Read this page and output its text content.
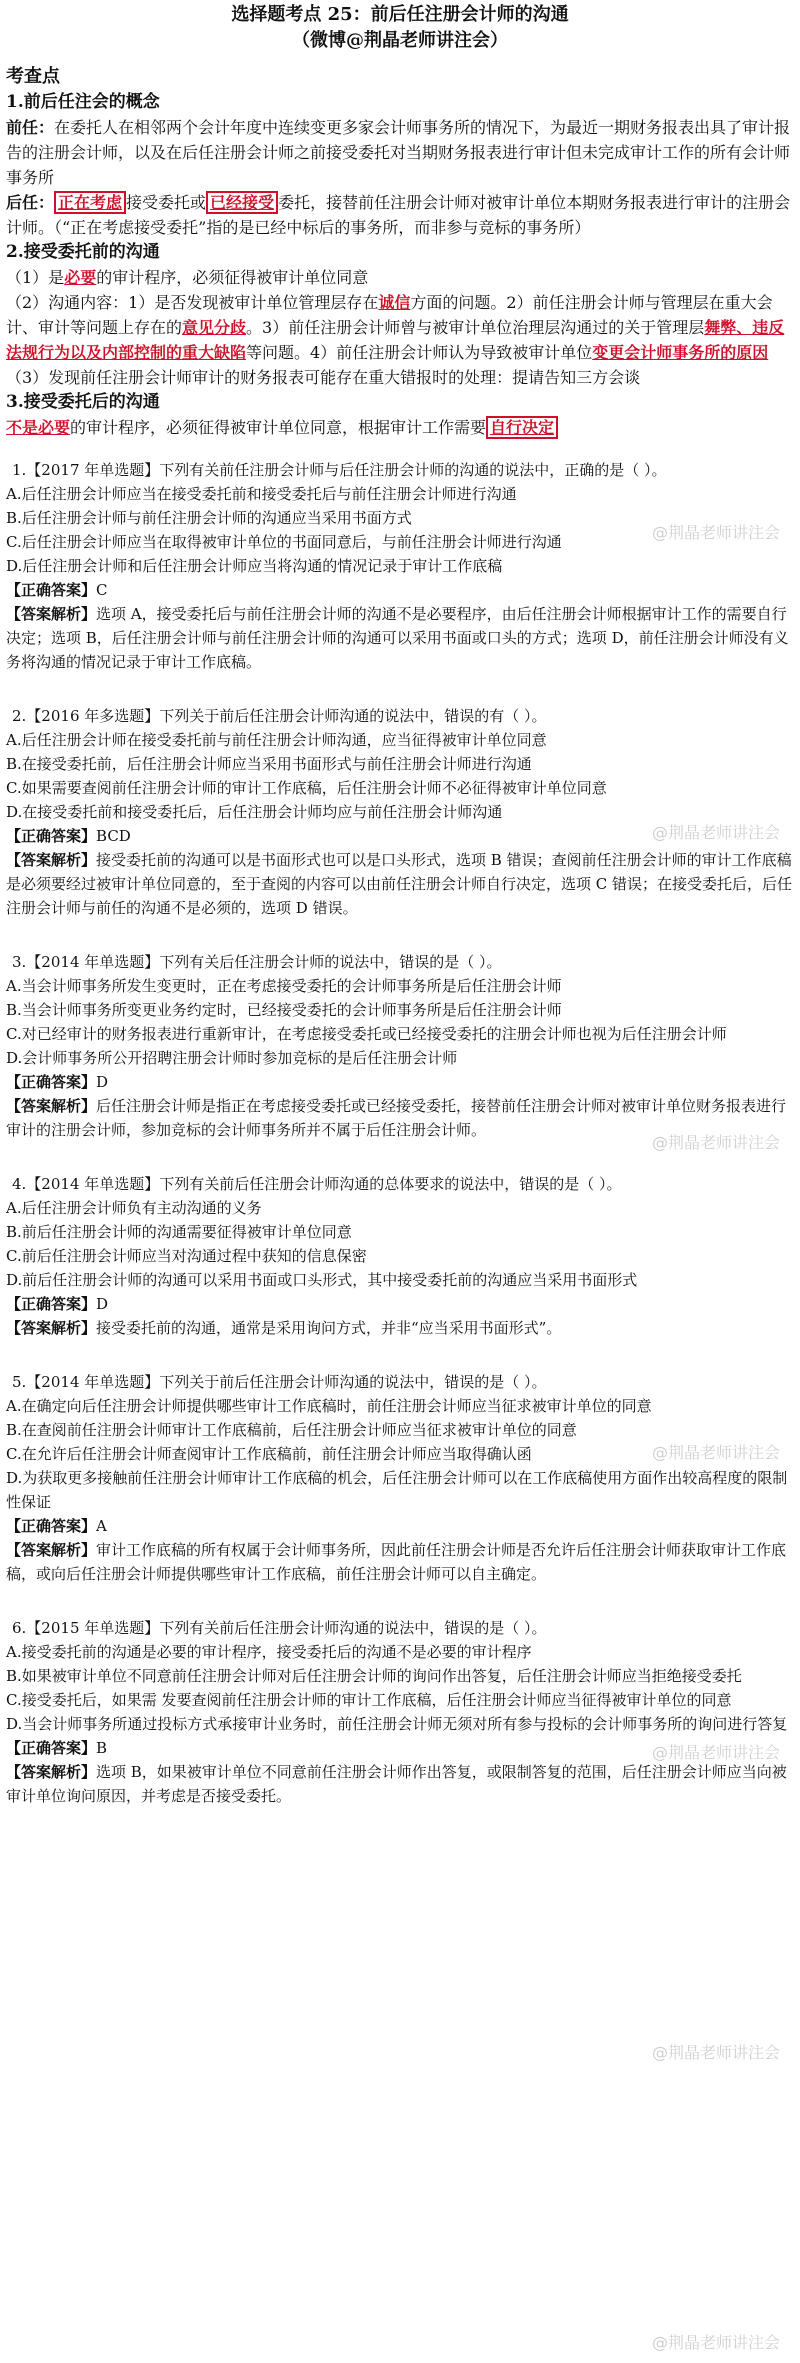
选择题考点 25：前后任注册会计师的沟通
（微博@荆晶老师讲注会）
考查点
1.前后任注会的概念

前任：在委托人在相邻两个会计年度中连续变更多家会计师事务所的情况下，为最近一期财务报表出具了审计报告的注册会计师，以及在后任注册会计师之前接受委托对当期财务报表进行审计但未完成审计工作的所有会计师事务所

后任： 正在考虑 接受委托或 已经接受 委托，接替前任注册会计师对被审计单位本期财务报表进行审计的注册会计师。（“正在考虑接受委托”指的是已经中标后的事务所，而非参与竞标的事务所）

2.接受委托前的沟通

（1）是必要的审计程序，必须征得被审计单位同意

（2）沟通内容：1）是否发现被审计单位管理层存在诚信方面的问题。2）前任注册会计师与管理层在重大会计、审计等问题上存在的意见分歧。3）前任注册会计师曾与被审计单位治理层沟通过的关于管理层舞弊、违反法规行为以及内部控制的重大缺陷等问题。4）前任注册会计师认为导致被审计单位变更会计师事务所的原因

（3）发现前任注册会计师审计的财务报表可能存在重大错报时的处理：提请告知三方会谈

3.接受委托后的沟通

不是必要的审计程序，必须征得被审计单位同意，根据审计工作需要 自行决定

1.【2017 年单选题】下列有关前任注册会计师与后任注册会计师的沟通的说法中，正确的是（ ）。

A.后任注册会计师应当在接受委托前和接受委托后与前任注册会计师进行沟通

B.后任注册会计师与前任注册会计师的沟通应当采用书面方式

C.后任注册会计师应当在取得被审计单位的书面同意后，与前任注册会计师进行沟通

D.后任注册会计师和后任注册会计师应当将沟通的情况记录于审计工作底稿

【正确答案】C

【答案解析】选项 A，接受委托后与前任注册会计师的沟通不是必要程序，由后任注册会计师根据审计工作的需要自行决定；选项 B，后任注册会计师与前任注册会计师的沟通可以采用书面或口头的方式；选项 D，前任注册会计师没有义务将沟通的情况记录于审计工作底稿。

2.【2016 年多选题】下列关于前后任注册会计师沟通的说法中，错误的有（ ）。

A.后任注册会计师在接受委托前与前任注册会计师沟通，应当征得被审计单位同意

B.在接受委托前，后任注册会计师应当采用书面形式与前任注册会计师进行沟通

C.如果需要查阅前任注册会计师的审计工作底稿，后任注册会计师不必征得被审计单位同意

D.在接受委托前和接受委托后，后任注册会计师均应与前任注册会计师沟通

【正确答案】BCD

【答案解析】接受委托前的沟通可以是书面形式也可以是口头形式，选项 B 错误；查阅前任注册会计师的审计工作底稿是必须要经过被审计单位同意的，至于查阅的内容可以由前任注册会计师自行决定，选项 C 错误；在接受委托后，后任注册会计师与前任的沟通不是必须的，选项 D 错误。

3.【2014 年单选题】下列有关后任注册会计师的说法中，错误的是（ ）。

A.当会计师事务所发生变更时，正在考虑接受委托的会计师事务所是后任注册会计师

B.当会计师事务所变更业务约定时，已经接受委托的会计师事务所是后任注册会计师

C.对已经审计的财务报表进行重新审计，在考虑接受委托或已经接受委托的注册会计师也视为后任注册会计师

D.会计师事务所公开招聘注册会计师时参加竞标的是后任注册会计师

【正确答案】D

【答案解析】后任注册会计师是指正在考虑接受委托或已经接受委托，接替前任注册会计师对被审计单位财务报表进行审计的注册会计师，参加竞标的会计师事务所并不属于后任注册会计师。

4.【2014 年单选题】下列有关前后任注册会计师沟通的总体要求的说法中，错误的是（ ）。

A.后任注册会计师负有主动沟通的义务

B.前后任注册会计师的沟通需要征得被审计单位同意

C.前后任注册会计师应当对沟通过程中获知的信息保密

D.前后任注册会计师的沟通可以采用书面或口头形式，其中接受委托前的沟通应当采用书面形式

【正确答案】D

【答案解析】接受委托前的沟通，通常是采用询问方式，并非“应当采用书面形式”。

5.【2014 年单选题】下列关于前后任注册会计师沟通的说法中，错误的是（ ）。

A.在确定向后任注册会计师提供哪些审计工作底稿时，前任注册会计师应当征求被审计单位的同意

B.在查阅前任注册会计师审计工作底稿前，后任注册会计师应当征求被审计单位的同意

C.在允许后任注册会计师查阅审计工作底稿前，前任注册会计师应当取得确认函

D.为获取更多接触前任注册会计师审计工作底稿的机会，后任注册会计师可以在工作底稿使用方面作出较高程度的限制性保证

【正确答案】A

【答案解析】审计工作底稿的所有权属于会计师事务所，因此前任注册会计师是否允许后任注册会计师获取审计工作底稿，或向后任注册会计师提供哪些审计工作底稿，前任注册会计师可以自主确定。

6.【2015 年单选题】下列有关前后任注册会计师沟通的说法中，错误的是（ ）。

A.接受委托前的沟通是必要的审计程序，接受委托后的沟通不是必要的审计程序

B.如果被审计单位不同意前任注册会计师对后任注册会计师的询问作出答复，后任注册会计师应当拒绝接受委托

C.接受委托后，如果需 发要查阅前任注册会计师的审计工作底稿，后任注册会计师应当征得被审计单位的同意

D.当会计师事务所通过投标方式承接审计业务时，前任注册会计师无须对所有参与投标的会计师事务所的询问进行答复

【正确答案】B

【答案解析】选项 B，如果被审计单位不同意前任注册会计师作出答复，或限制答复的范围，后任注册会计师应当向被审计单位询问原因，并考虑是否接受委托。

@荆晶老师讲注会
@荆晶老师讲注会
@荆晶老师讲注会
@荆晶老师讲注会
@荆晶老师讲注会
@荆晶老师讲注会
@荆晶老师讲注会
